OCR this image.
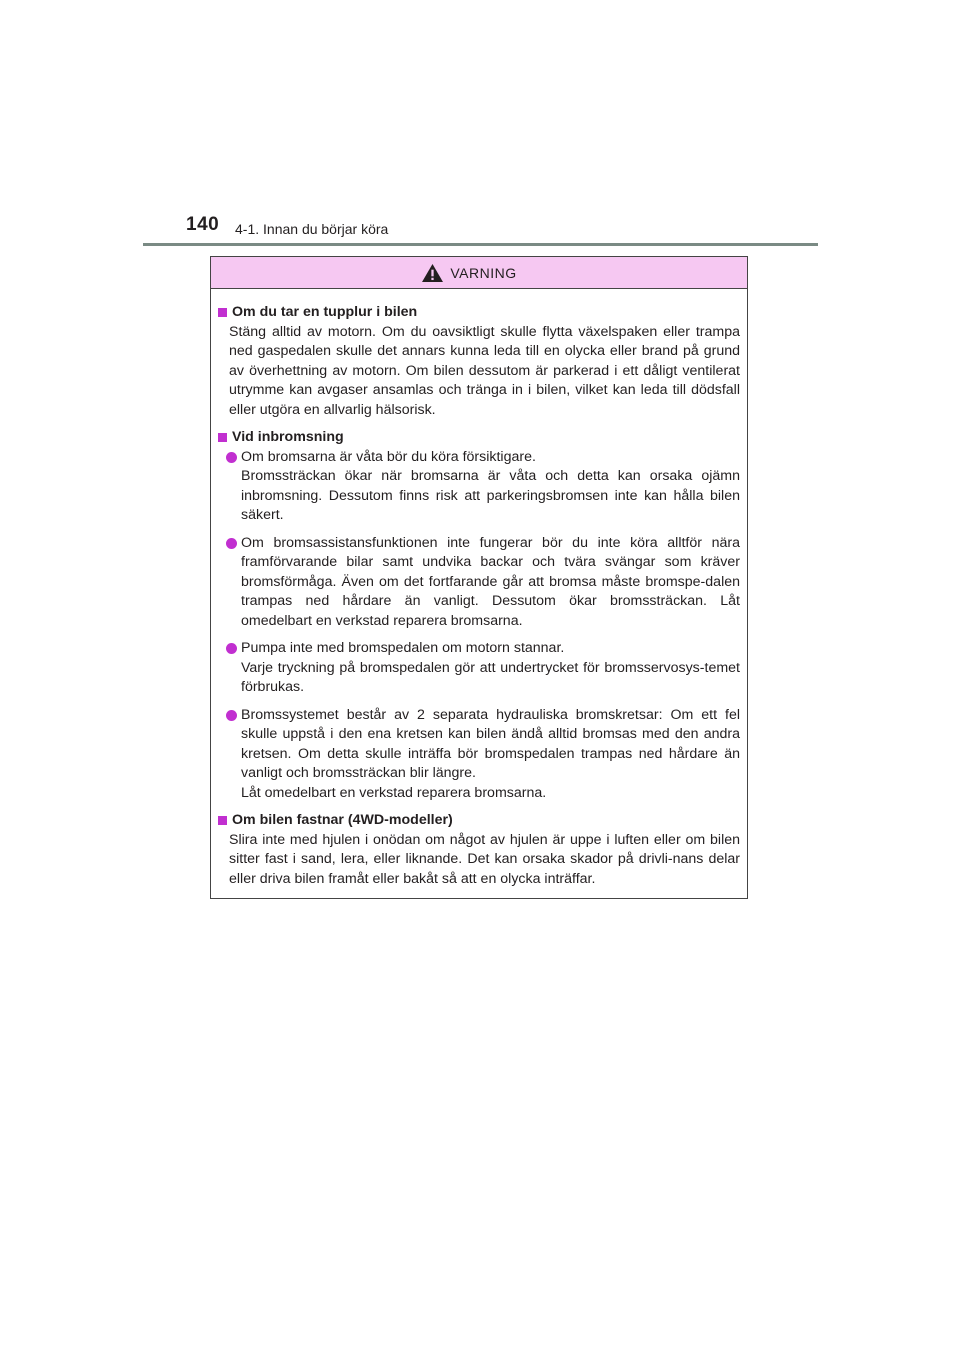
140 4-1. Innan du börjar köra
VARNING
Om du tar en tupplur i bilen
Stäng alltid av motorn. Om du oavsiktligt skulle flytta växelspaken eller trampa ned gaspedalen skulle det annars kunna leda till en olycka eller brand på grund av överhettning av motorn. Om bilen dessutom är parkerad i ett dåligt ventilerat utrymme kan avgaser ansamlas och tränga in i bilen, vilket kan leda till dödsfall eller utgöra en allvarlig hälsorisk.
Vid inbromsning
Om bromsarna är våta bör du köra försiktigare.
Bromssträckan ökar när bromsarna är våta och detta kan orsaka ojämn inbromsning. Dessutom finns risk att parkeringsbromsen inte kan hålla bilen säkert.
Om bromsassistansfunktionen inte fungerar bör du inte köra alltför nära framförvarande bilar samt undvika backar och tvära svängar som kräver bromsförmåga. Även om det fortfarande går att bromsa måste bromspe-dalen trampas ned hårdare än vanligt. Dessutom ökar bromssträckan. Låt omedelbart en verkstad reparera bromsarna.
Pumpa inte med bromspedalen om motorn stannar.
Varje tryckning på bromspedalen gör att undertrycket för bromsservosys-temet förbrukas.
Bromssystemet består av 2 separata hydrauliska bromskretsar: Om ett fel skulle uppstå i den ena kretsen kan bilen ändå alltid bromsas med den andra kretsen. Om detta skulle inträffa bör bromspedalen trampas ned hårdare än vanligt och bromssträckan blir längre.
Låt omedelbart en verkstad reparera bromsarna.
Om bilen fastnar (4WD-modeller)
Slira inte med hjulen i onödan om något av hjulen är uppe i luften eller om bilen sitter fast i sand, lera, eller liknande. Det kan orsaka skador på drivli-nans delar eller driva bilen framåt eller bakåt så att en olycka inträffar.
